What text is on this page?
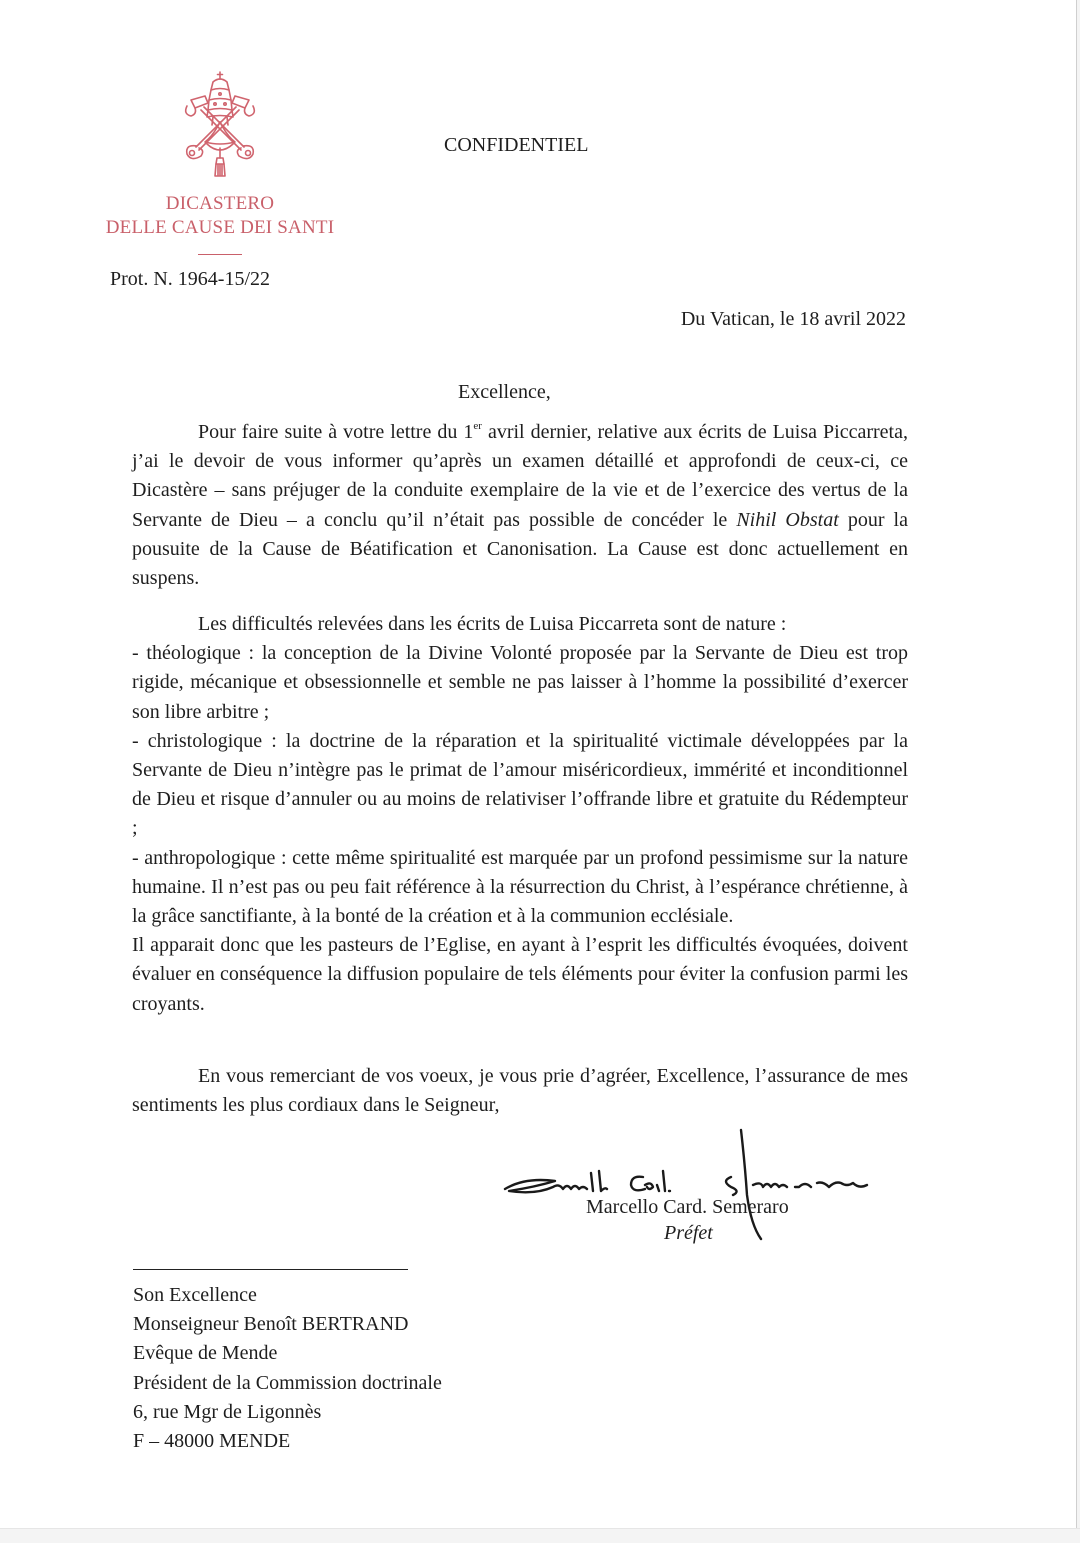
DICASTERO
DELLE CAUSE DEI SANTI
CONFIDENTIEL
Prot. N. 1964-15/22
Du Vatican, le 18 avril 2022
Excellence,

Pour faire suite à votre lettre du 1er avril dernier, relative aux écrits de Luisa Piccarreta, j’ai le devoir de vous informer qu’après un examen détaillé et approfondi de ceux-ci, ce Dicastère – sans préjuger de la conduite exemplaire de la vie et de l’exercice des vertus de la Servante de Dieu – a conclu qu’il n’était pas possible de concéder le Nihil Obstat pour la pousuite de la Cause de Béatification et Canonisation. La Cause est donc actuellement en suspens.

Les difficultés relevées dans les écrits de Luisa Piccarreta sont de nature :

- théologique : la conception de la Divine Volonté proposée par la Servante de Dieu est trop rigide, mécanique et obsessionnelle et semble ne pas laisser à l’homme la possibilité d’exercer son libre arbitre ;

- christologique : la doctrine de la réparation et la spiritualité victimale développées par la Servante de Dieu n’intègre pas le primat de l’amour miséricordieux, immérité et inconditionnel de Dieu et risque d’annuler ou au moins de relativiser l’offrande libre et gratuite du Rédempteur ;

- anthropologique : cette même spiritualité est marquée par un profond pessimisme sur la nature humaine. Il n’est pas ou peu fait référence à la résurrection du Christ, à l’espérance chrétienne, à la grâce sanctifiante, à la bonté de la création et à la communion ecclésiale.

Il apparait donc que les pasteurs de l’Eglise, en ayant à l’esprit les difficultés évoquées, doivent évaluer en conséquence la diffusion populaire de tels éléments pour éviter la confusion parmi les croyants.

En vous remerciant de vos voeux, je vous prie d’agréer, Excellence, l’assurance de mes sentiments les plus cordiaux dans le Seigneur,

Marcello Card. Semeraro
Préfet
Son Excellence
Monseigneur Benoît BERTRAND
Evêque de Mende
Président de la Commission doctrinale
6, rue Mgr de Ligonnès
F – 48000 MENDE
